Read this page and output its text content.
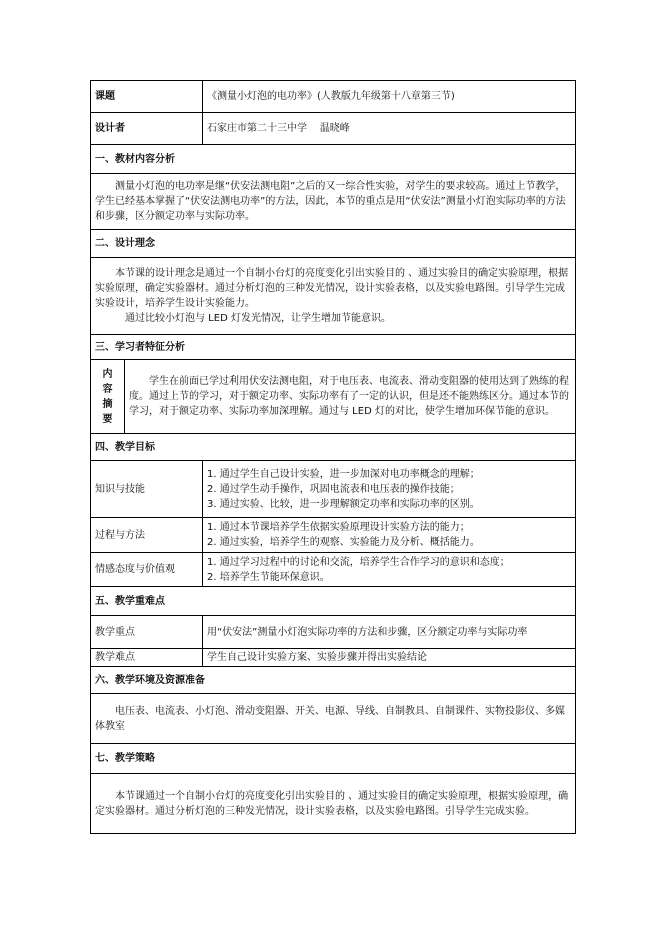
课题		《测量小灯泡的电功率》(人教版九年级第十八章第三节)
设计者		石家庄市第二十三中学    温晓峰
一、教材内容分析		

测量小灯泡的电功率是继“伏安法测电阻”之后的又一综合性实验，对学生的要求较高。通过上节教学，学生已经基本掌握了“伏安法测电功率”的方法，因此，本节的重点是用“伏安法”测量小灯泡实际功率的方法和步骤，区分额定功率与实际功率。		

二、设计理念		

本节课的设计理念是通过一个自制小台灯的亮度变化引出实验目的 、通过实验目的确定实验原理，根据实验原理，确定实验器材。通过分析灯泡的三种发光情况，设计实验表格，以及实验电路图。引导学生完成实验设计，培养学生设计实验能力。

通过比较小灯泡与 LED 灯发光情况，让学生增加节能意识。		

三、学习者特征分析		

内
容
摘
要	学生在前面已学过利用伏安法测电阻，对于电压表、电流表、滑动变阻器的使用达到了熟练的程度。通过上节的学习，对于额定功率、实际功率有了一定的认识，但是还不能熟练区分。通过本节的学习，对于额定功率、实际功率加深理解。通过与 LED 灯的对比，使学生增加环保节能的意识。	

四、教学目标		
知识与技能		1. 通过学生自己设计实验，进一步加深对电功率概念的理解；
2. 通过学生动手操作，巩固电流表和电压表的操作技能；
3. 通过实验、比较，进一步理解额定功率和实际功率的区别。

过程与方法		1. 通过本节课培养学生依据实验原理设计实验方法的能力；
2. 通过实验，培养学生的观察、实验能力及分析、概括能力。

情感态度与价值观		1. 通过学习过程中的讨论和交流，培养学生合作学习的意识和态度；
2. 培养学生节能环保意识。

五、教学重难点		
教学重点		用“伏安法”测量小灯泡实际功率的方法和步骤，区分额定功率与实际功率
教学难点		学生自己设计实验方案、实验步骤并得出实验结论
六、教学环境及资源准备		

电压表、电流表、小灯泡、滑动变阻器、开关、电源、导线、自制教具、自制课件、实物投影仪、多媒体教室		

七、教学策略		

本节课通过一个自制小台灯的亮度变化引出实验目的 、通过实验目的确定实验原理，根据实验原理，确定实验器材。通过分析灯泡的三种发光情况，设计实验表格，以及实验电路图。引导学生完成实验。		
